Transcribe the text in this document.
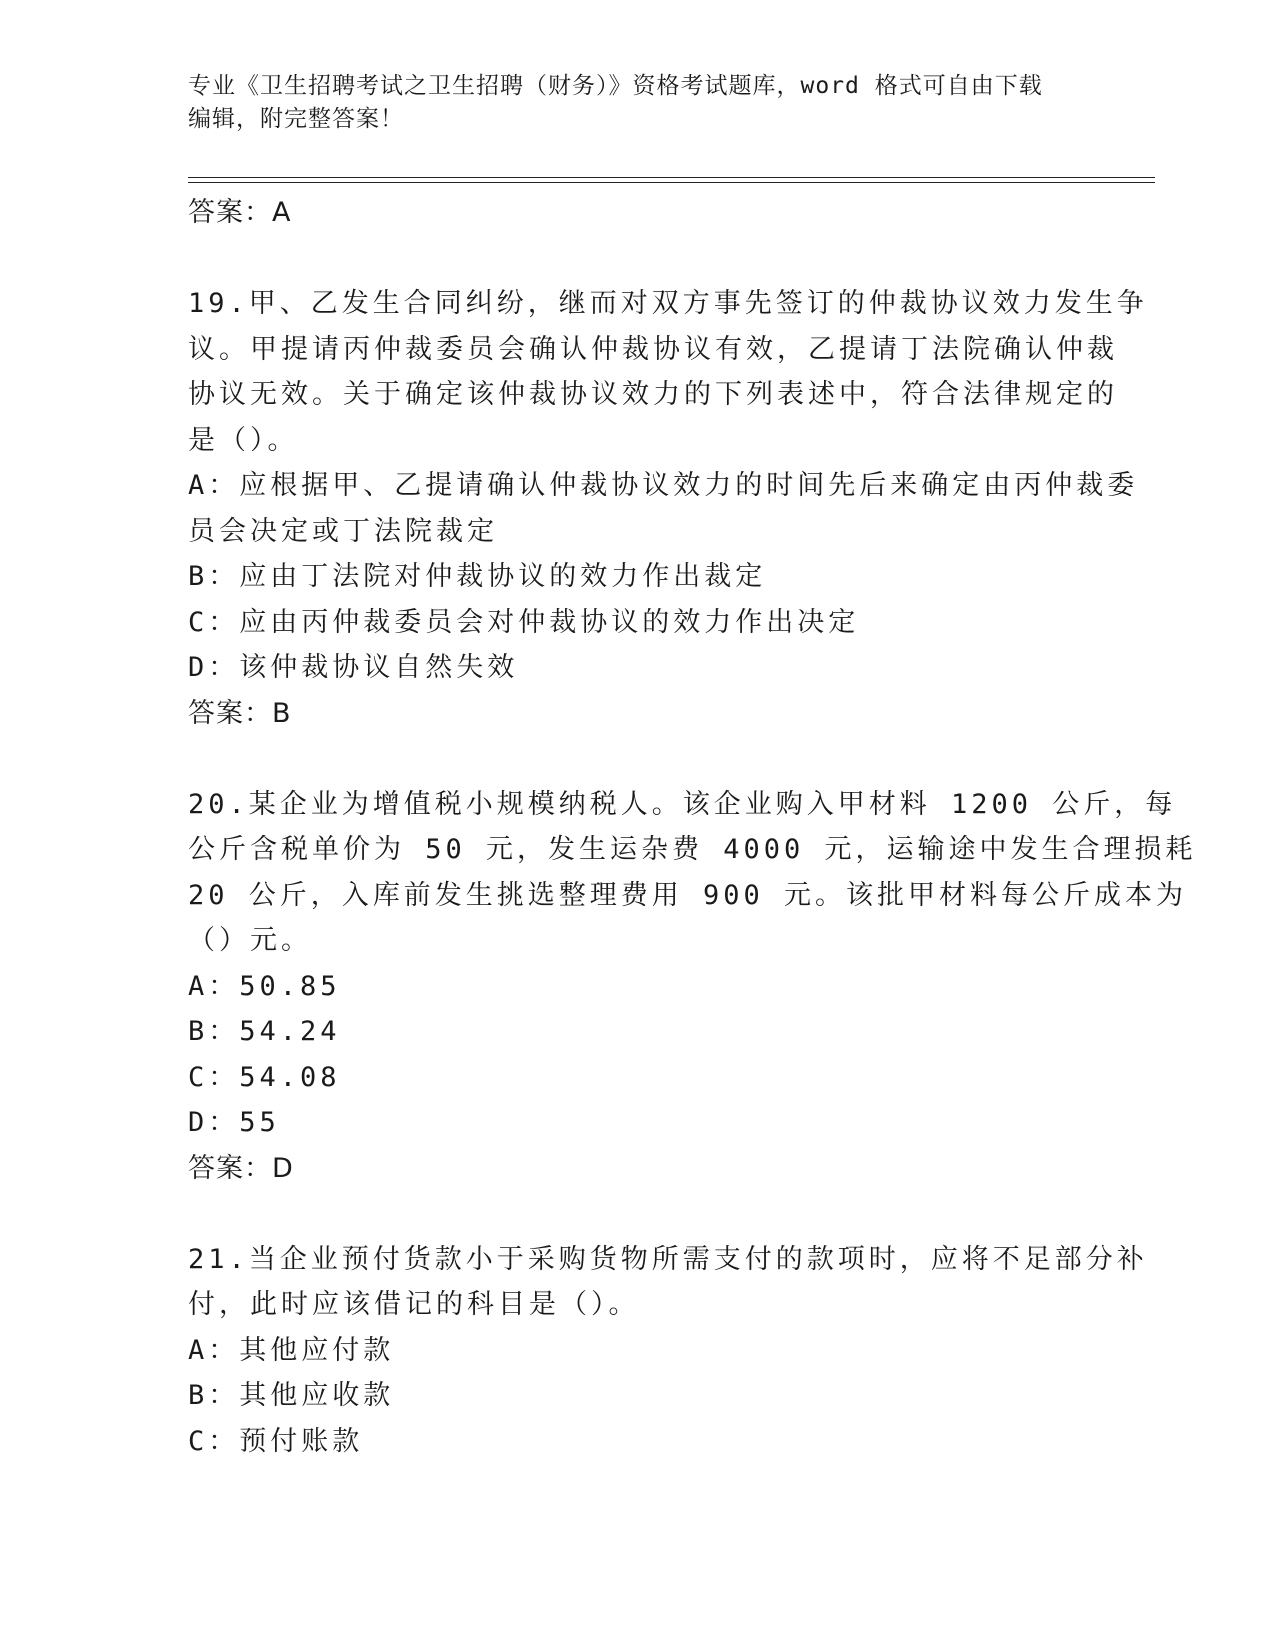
专业《卫生招聘考试之卫生招聘（财务）》资格考试题库，word 格式可自由下载
编辑，附完整答案！
答案：A
19.甲、乙发生合同纠纷，继而对双方事先签订的仲裁协议效力发生争
议。甲提请丙仲裁委员会确认仲裁协议有效，乙提请丁法院确认仲裁
协议无效。关于确定该仲裁协议效力的下列表述中，符合法律规定的
是（）。
A：应根据甲、乙提请确认仲裁协议效力的时间先后来确定由丙仲裁委
员会决定或丁法院裁定
B：应由丁法院对仲裁协议的效力作出裁定
C：应由丙仲裁委员会对仲裁协议的效力作出决定
D：该仲裁协议自然失效
答案：B
20.某企业为增值税小规模纳税人。该企业购入甲材料 1200 公斤，每
公斤含税单价为 50 元，发生运杂费 4000 元，运输途中发生合理损耗
20 公斤，入库前发生挑选整理费用 900 元。该批甲材料每公斤成本为
（）元。
A：50.85
B：54.24
C：54.08
D：55
答案：D
21.当企业预付货款小于采购货物所需支付的款项时，应将不足部分补
付，此时应该借记的科目是（）。
A：其他应付款
B：其他应收款
C：预付账款
